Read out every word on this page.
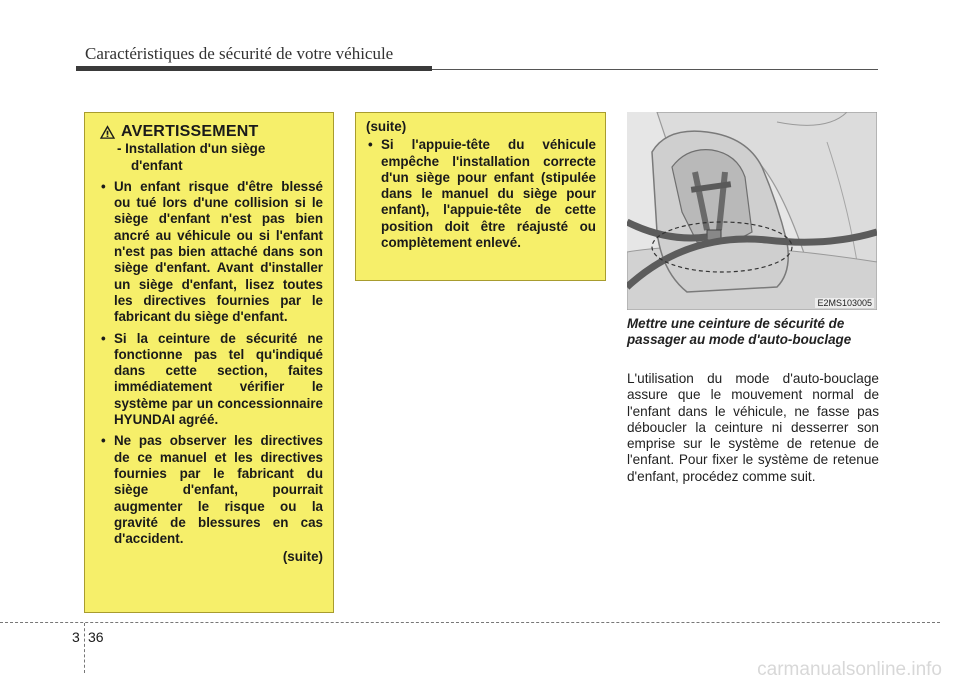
Caractéristiques de sécurité de votre véhicule
AVERTISSEMENT
- Installation d'un siège
d'enfant
• Un enfant risque d'être blessé ou tué lors d'une collision si le siège d'enfant n'est pas bien ancré au véhicule ou si l'enfant n'est pas bien attaché dans son siège d'enfant. Avant d'installer un siège d'enfant, lisez toutes les directives fournies par le fabricant du siège d'enfant.
• Si la ceinture de sécurité ne fonctionne pas tel qu'indiqué dans cette section, faites immédiatement vérifier le système par un concessionnaire HYUNDAI agréé.
• Ne pas observer les directives de ce manuel et les directives fournies par le fabricant du siège d'enfant, pourrait augmenter le risque ou la gravité de blessures en cas d'accident.
(suite)
(suite)
• Si l'appuie-tête du véhicule empêche l'installation correcte d'un siège pour enfant (stipulée dans le manuel du siège pour enfant), l'appuie-tête de cette position doit être réajusté ou complètement enlevé.
E2MS103005
Mettre une ceinture de sécurité de passager au mode d'auto-bouclage
L'utilisation du mode d'auto-bouclage assure que le mouvement normal de l'enfant dans le véhicule, ne fasse pas déboucler la ceinture ni desserrer son emprise sur le système de retenue de l'enfant. Pour fixer le système de retenue d'enfant, procédez comme suit.
3 36
carmanualsonline.info
